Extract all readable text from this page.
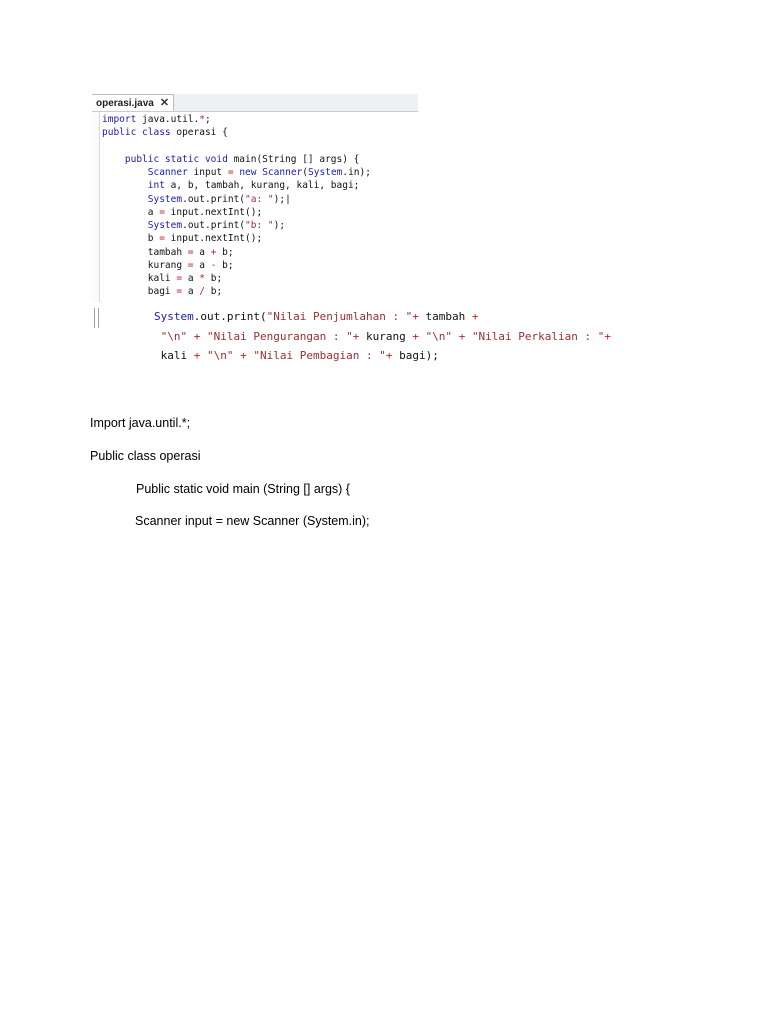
operasi.java ✕
import java.util.*;
public class operasi {

public static void main(String [] args) {
Scanner input = new Scanner(System.in);
int a, b, tambah, kurang, kali, bagi;
System.out.print("a: ");|
a = input.nextInt();
System.out.print("b: ");
b = input.nextInt();
tambah = a + b;
kurang = a - b;
kali = a * b;
bagi = a / b;
System.out.print("Nilai Penjumlahan : "+ tambah +
"\n" + "Nilai Pengurangan : "+ kurang + "\n" + "Nilai Perkalian : "+
kali + "\n" + "Nilai Pembagian : "+ bagi);
Import java.until.*;
Public class operasi
Public static void main (String [] args) {
Scanner input = new Scanner (System.in);
